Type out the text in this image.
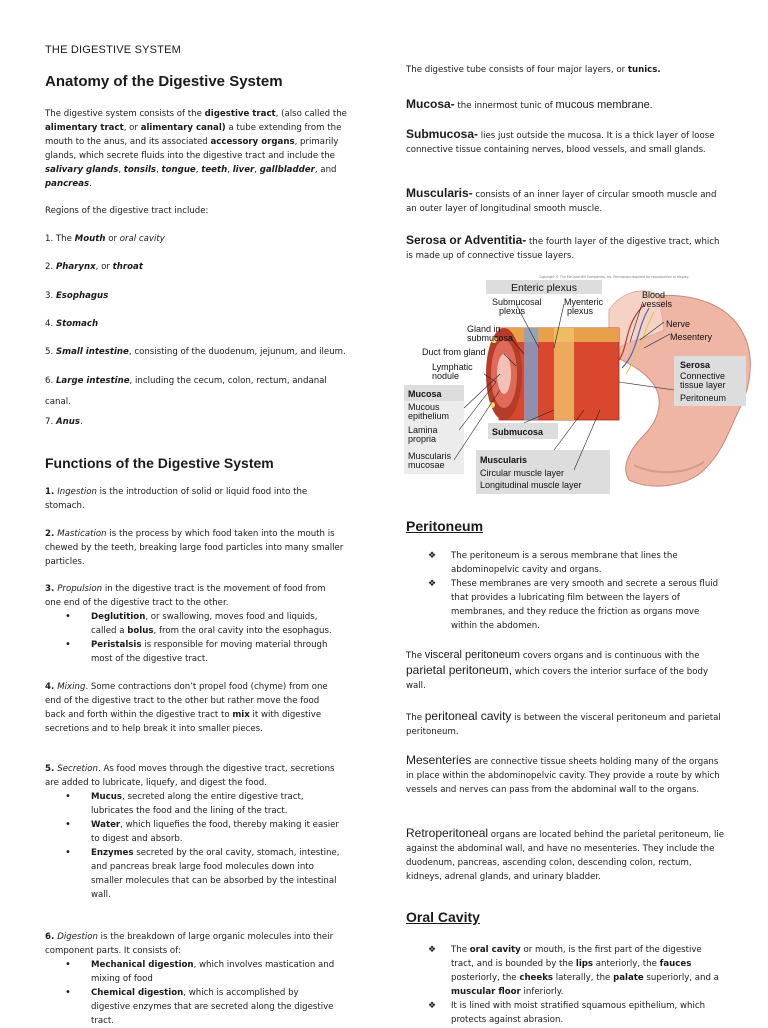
THE DIGESTIVE SYSTEM
Anatomy of the Digestive System
The digestive system consists of the digestive tract, (also called the alimentary tract, or alimentary canal) a tube extending from the mouth to the anus, and its associated accessory organs, primarily glands, which secrete fluids into the digestive tract and include the salivary glands, tonsils, tongue, teeth, liver, gallbladder, and pancreas.
Regions of the digestive tract include:
1. The Mouth or oral cavity
2. Pharynx, or throat
3. Esophagus
4. Stomach
5. Small intestine, consisting of the duodenum, jejunum, and ileum.
6. Large intestine, including the cecum, colon, rectum, andanal
canal.
7. Anus.
Functions of the Digestive System
1. Ingestion is the introduction of solid or liquid food into the stomach.
2. Mastication is the process by which food taken into the mouth is chewed by the teeth, breaking large food particles into many smaller particles.
3. Propulsion in the digestive tract is the movement of food from one end of the digestive tract to the other.
• Deglutition, or swallowing, moves food and liquids, called a bolus, from the oral cavity into the esophagus.
• Peristalsis is responsible for moving material through most of the digestive tract.
4. Mixing. Some contractions don’t propel food (chyme) from one end of the digestive tract to the other but rather move the food back and forth within the digestive tract to mix it with digestive secretions and to help break it into smaller pieces.
5. Secretion. As food moves through the digestive tract, secretions are added to lubricate, liquefy, and digest the food.
• Mucus, secreted along the entire digestive tract, lubricates the food and the lining of the tract.
• Water, which liquefies the food, thereby making it easier to digest and absorb.
• Enzymes secreted by the oral cavity, stomach, intestine, and pancreas break large food molecules down into smaller molecules that can be absorbed by the intestinal wall.
6. Digestion is the breakdown of large organic molecules into their component parts. It consists of:
• Mechanical digestion, which involves mastication and mixing of food
• Chemical digestion, which is accomplished by digestive enzymes that are secreted along the digestive tract.
The digestive tube consists of four major layers, or tunics.
Mucosa- the innermost tunic of mucous membrane.
Submucosa- lies just outside the mucosa. It is a thick layer of loose connective tissue containing nerves, blood vessels, and small glands.
Muscularis- consists of an inner layer of circular smooth muscle and an outer layer of longitudinal smooth muscle.
Serosa or Adventitia- the fourth layer of the digestive tract, which is made up of connective tissue layers.
Copyright © The McGraw-Hill Companies, Inc. Permission required for reproduction or display.
Enteric plexus
Submucosal
plexus
Myenteric
plexus
Blood
vessels
Gland in
submucosa
Nerve
Mesentery
Duct from gland
Lymphatic
nodule
Serosa
Connective
tissue layer
Peritoneum
Mucosa
Mucous
epithelium
Lamina
propria
Muscularis
mucosae
Submucosa
Muscularis
Circular muscle layer
Longitudinal muscle layer
Peritoneum
❖ The peritoneum is a serous membrane that lines the abdominopelvic cavity and organs.
❖ These membranes are very smooth and secrete a serous fluid that provides a lubricating film between the layers of membranes, and they reduce the friction as organs move within the abdomen.
The visceral peritoneum covers organs and is continuous with the parietal peritoneum, which covers the interior surface of the body wall.
The peritoneal cavity is between the visceral peritoneum and parietal peritoneum.
Mesenteries are connective tissue sheets holding many of the organs in place within the abdominopelvic cavity. They provide a route by which vessels and nerves can pass from the abdominal wall to the organs.
Retroperitoneal organs are located behind the parietal peritoneum, lie against the abdominal wall, and have no mesenteries. They include the duodenum, pancreas, ascending colon, descending colon, rectum, kidneys, adrenal glands, and urinary bladder.
Oral Cavity
❖ The oral cavity or mouth, is the first part of the digestive tract, and is bounded by the lips anteriorly, the fauces posteriorly, the cheeks laterally, the palate superiorly, and a muscular floor inferiorly.
❖ It is lined with moist stratified squamous epithelium, which protects against abrasion.
